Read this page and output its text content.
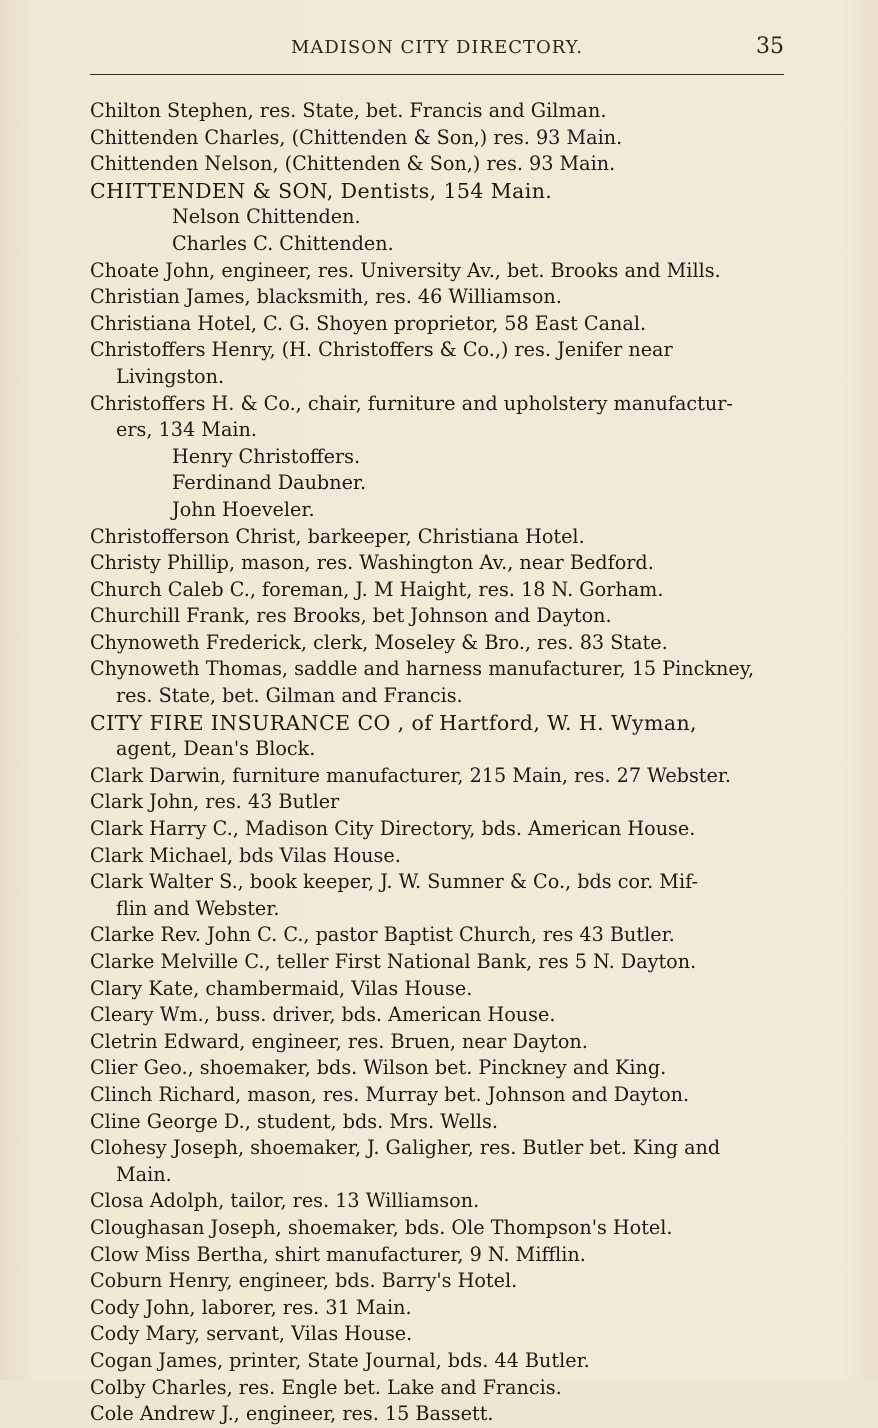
MADISON CITY DIRECTORY.	35
Chilton Stephen, res. State, bet. Francis and Gilman.
Chittenden Charles, (Chittenden & Son,) res. 93 Main.
Chittenden Nelson, (Chittenden & Son,) res. 93 Main.
CHITTENDEN & SON, Dentists, 154 Main.
Nelson Chittenden.
Charles C. Chittenden.
Choate John, engineer, res. University Av., bet. Brooks and Mills.
Christian James, blacksmith, res. 46 Williamson.
Christiana Hotel, C. G. Shoyen proprietor, 58 East Canal.
Christoffers Henry, (H. Christoffers & Co.,) res. Jenifer near
Livingston.
Christoffers H. & Co., chair, furniture and upholstery manufactur-
ers, 134 Main.
Henry Christoffers.
Ferdinand Daubner.
John Hoeveler.
Christofferson Christ, barkeeper, Christiana Hotel.
Christy Phillip, mason, res. Washington Av., near Bedford.
Church Caleb C., foreman, J. M Haight, res. 18 N. Gorham.
Churchill Frank, res Brooks, bet Johnson and Dayton.
Chynoweth Frederick, clerk, Moseley & Bro., res. 83 State.
Chynoweth Thomas, saddle and harness manufacturer, 15 Pinckney,
res. State, bet. Gilman and Francis.
CITY FIRE INSURANCE CO , of Hartford, W. H. Wyman,
agent, Dean's Block.
Clark Darwin, furniture manufacturer, 215 Main, res. 27 Webster.
Clark John, res. 43 Butler
Clark Harry C., Madison City Directory, bds. American House.
Clark Michael, bds Vilas House.
Clark Walter S., book keeper, J. W. Sumner & Co., bds cor. Mif-
flin and Webster.
Clarke Rev. John C. C., pastor Baptist Church, res 43 Butler.
Clarke Melville C., teller First National Bank, res 5 N. Dayton.
Clary Kate, chambermaid, Vilas House.
Cleary Wm., buss. driver, bds. American House.
Cletrin Edward, engineer, res. Bruen, near Dayton.
Clier Geo., shoemaker, bds. Wilson bet. Pinckney and King.
Clinch Richard, mason, res. Murray bet. Johnson and Dayton.
Cline George D., student, bds. Mrs. Wells.
Clohesy Joseph, shoemaker, J. Galigher, res. Butler bet. King and
Main.
Closa Adolph, tailor, res. 13 Williamson.
Cloughasan Joseph, shoemaker, bds. Ole Thompson's Hotel.
Clow Miss Bertha, shirt manufacturer, 9 N. Mifflin.
Coburn Henry, engineer, bds. Barry's Hotel.
Cody John, laborer, res. 31 Main.
Cody Mary, servant, Vilas House.
Cogan James, printer, State Journal, bds. 44 Butler.
Colby Charles, res. Engle bet. Lake and Francis.
Cole Andrew J., engineer, res. 15 Bassett.
